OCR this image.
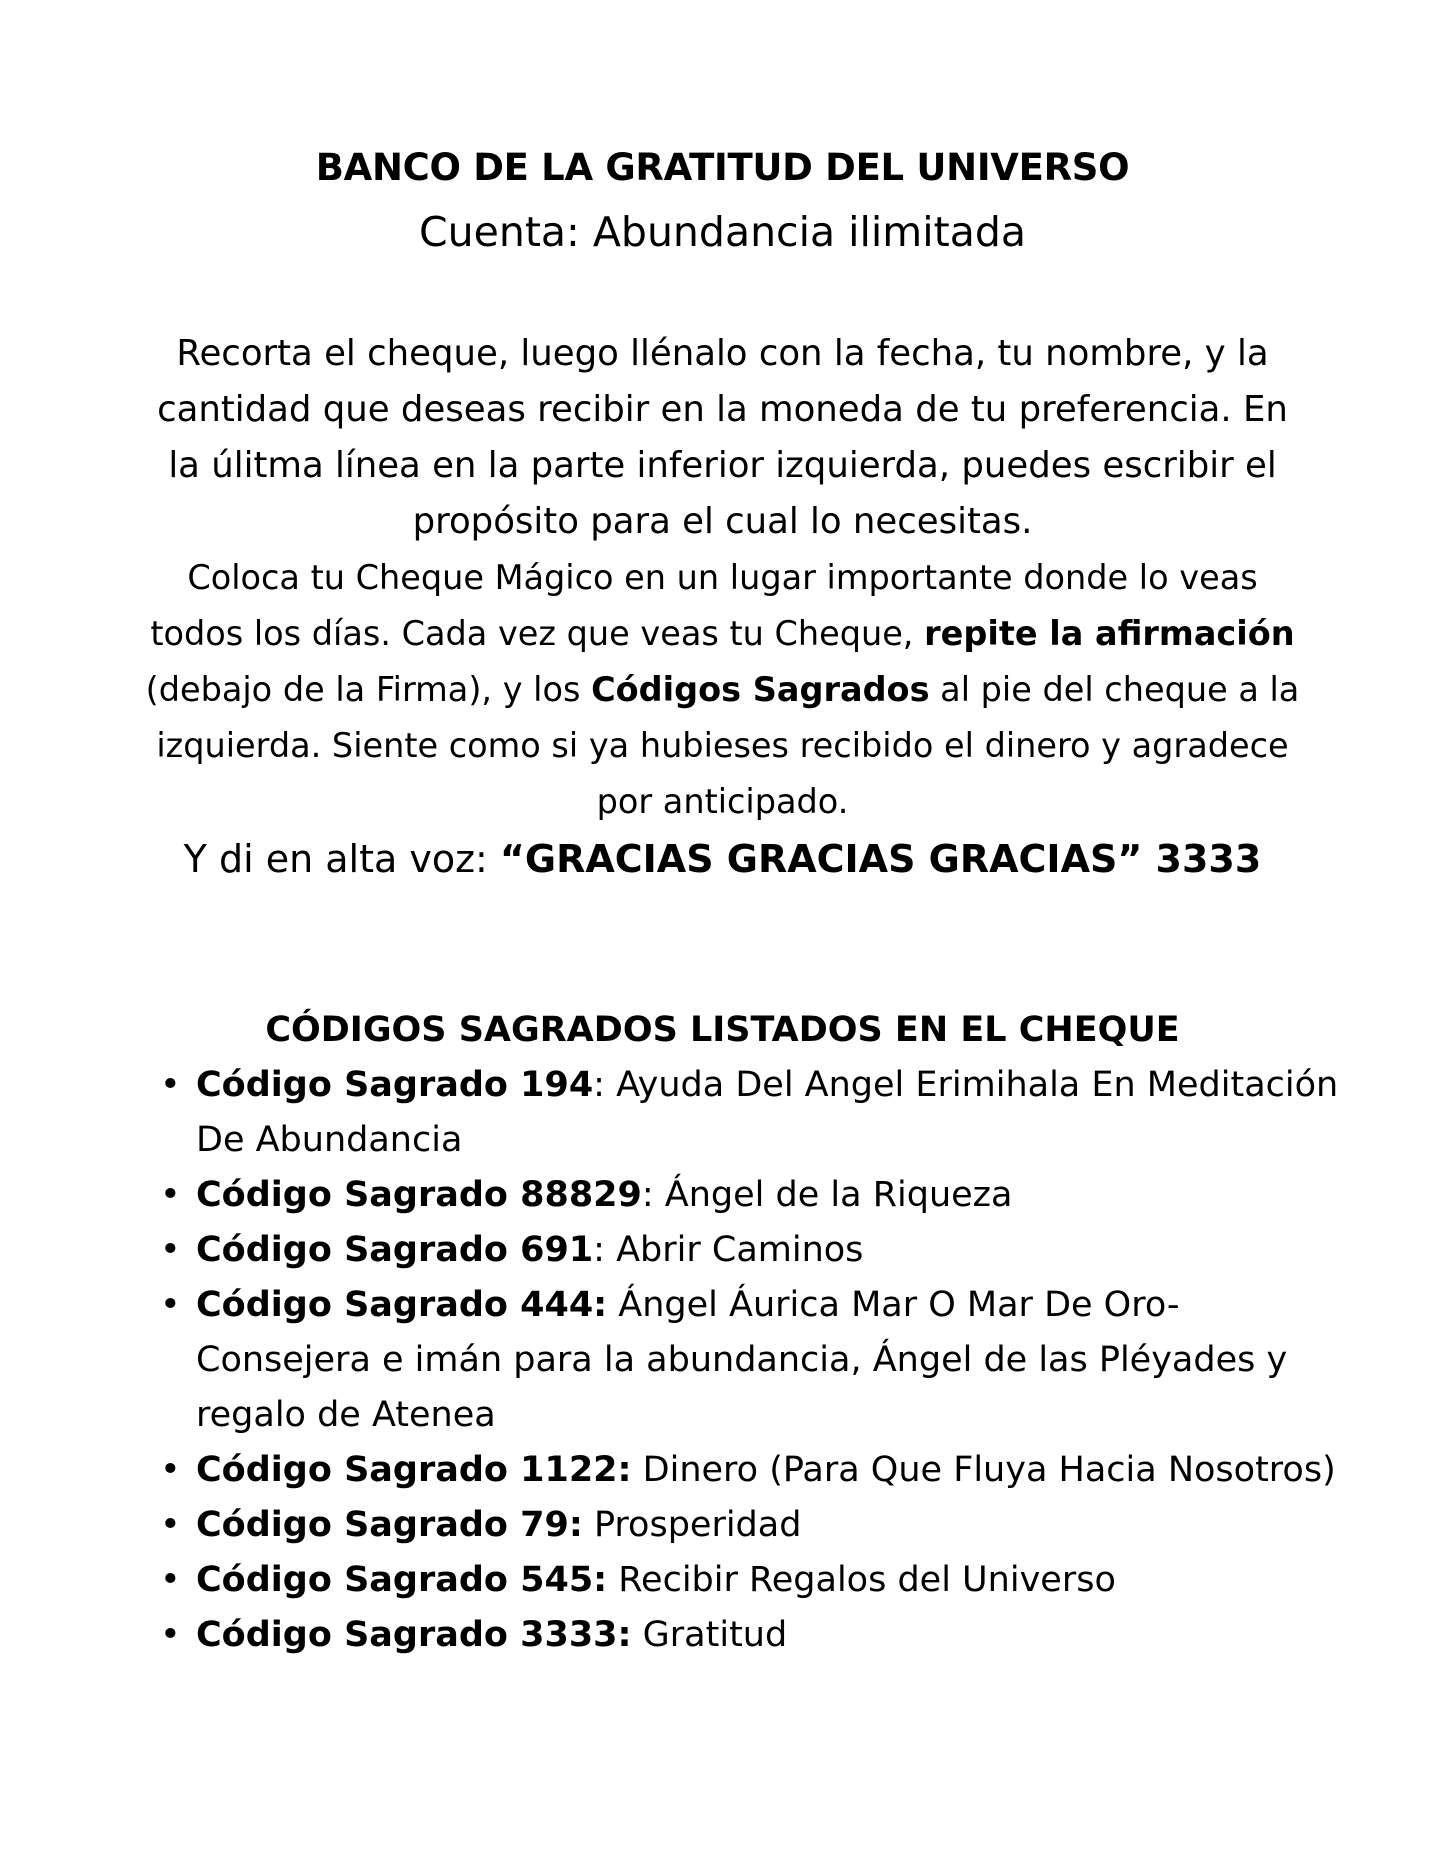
BANCO DE LA GRATITUD DEL UNIVERSO

Cuenta: Abundancia ilimitada

Recorta el cheque, luego llénalo con la fecha, tu nombre, y la cantidad que deseas recibir en la moneda de tu preferencia. En la úlitma línea en la parte inferior izquierda, puedes escribir el propósito para el cual lo necesitas.
Coloca tu Cheque Mágico en un lugar importante donde lo veas todos los días. Cada vez que veas tu Cheque, repite la afirmación (debajo de la Firma), y los Códigos Sagrados al pie del cheque a la izquierda. Siente como si ya hubieses recibido el dinero y agradece por anticipado.

Y di en alta voz: “GRACIAS GRACIAS GRACIAS” 3333

CÓDIGOS SAGRADOS LISTADOS EN EL CHEQUE
• Código Sagrado 194: Ayuda Del Angel Erimihala En Meditación De Abundancia
• Código Sagrado 88829: Ángel de la Riqueza
• Código Sagrado 691: Abrir Caminos
• Código Sagrado 444: Ángel Áurica Mar O Mar De Oro- Consejera e imán para la abundancia, Ángel de las Pléyades y regalo de Atenea
• Código Sagrado 1122: Dinero (Para Que Fluya Hacia Nosotros)
• Código Sagrado 79: Prosperidad
• Código Sagrado 545: Recibir Regalos del Universo
• Código Sagrado 3333: Gratitud
